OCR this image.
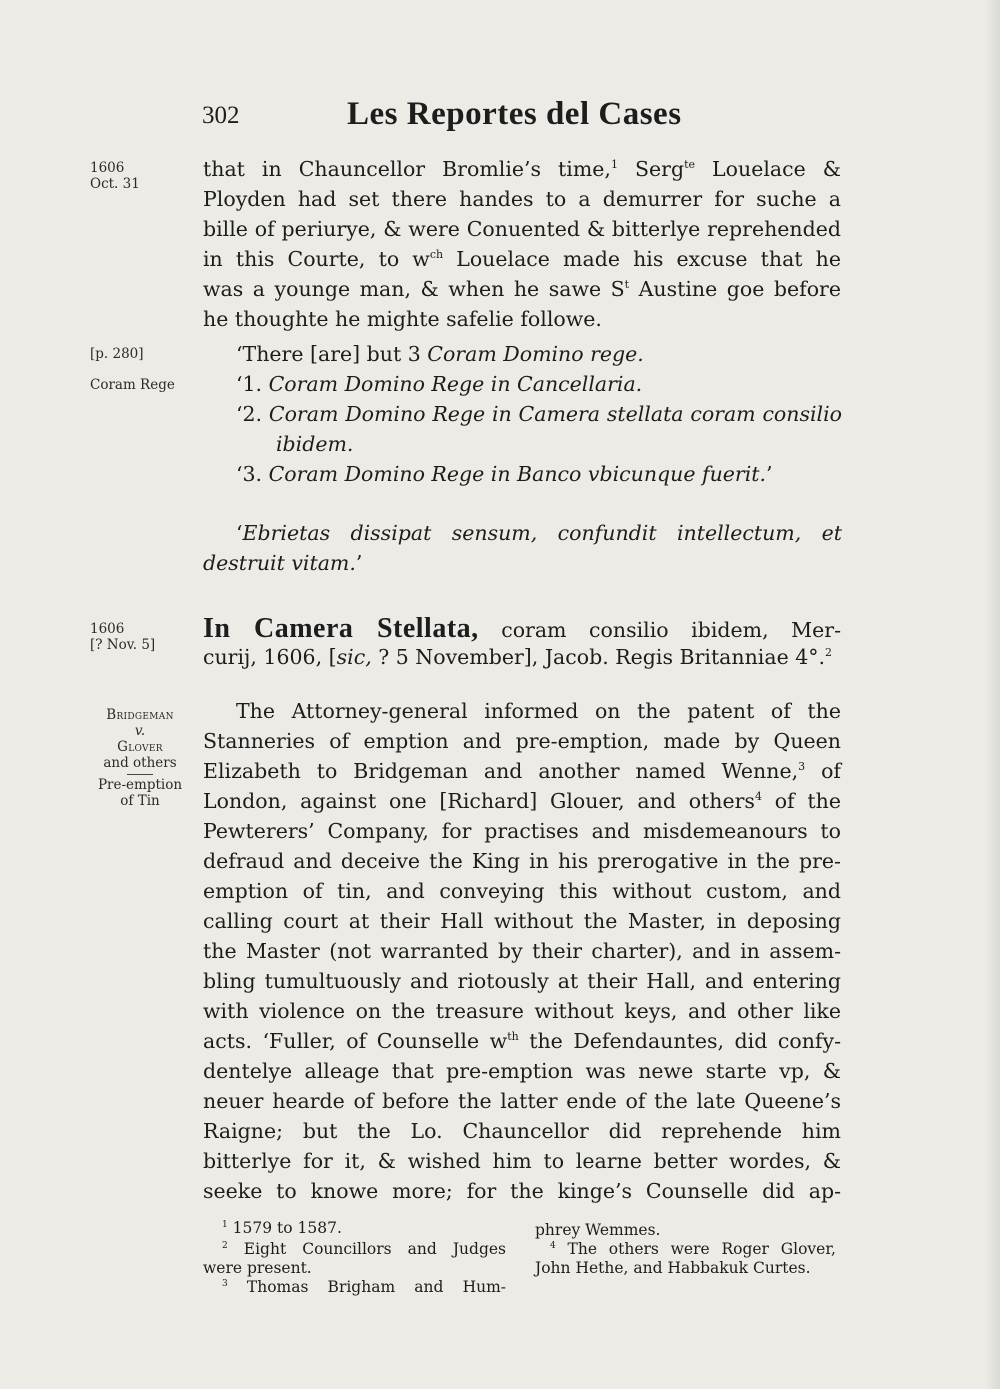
302	Les Reportes del Cases
1606
Oct. 31
[p. 280]
Coram Rege
1606
[? Nov. 5]
Bridgeman
v.
Glover
and others
Pre-emption
of Tin
that in Chauncellor Bromlie’s time,$^1$ Serg$^{te}$ Louelace &
Ployden had set there handes to a demurrer for suche a
bille of periurye, & were Conuented & bitterlye reprehended
in this Courte, to $w^{ch}$ Louelace made his excuse that he
was a younge man, & when he sawe $S^t$ Austine goe before
he thoughte he mighte safelie followe.
‘There [are] but 3 Coram Domino rege.
‘1. Coram Domino Rege in Cancellaria.
‘2. Coram Domino Rege in Camera stellata coram consilio
ibidem.
‘3. Coram Domino Rege in Banco vbicunque fuerit.’
‘Ebrietas dissipat sensum, confundit intellectum, et
destruit vitam.’
In Camera Stellata, coram consilio ibidem, Mer-
curij, 1606, [sic, ? 5 November], Jacob. Regis Britanniae 4°.$^2$
The Attorney-general informed on the patent of the
Stanneries of emption and pre-emption, made by Queen
Elizabeth to Bridgeman and another named Wenne,$^3$ of
London, against one [Richard] Glouer, and others$^4$ of the
Pewterers’ Company, for practises and misdemeanours to
defraud and deceive the King in his prerogative in the pre-
emption of tin, and conveying this without custom, and
calling court at their Hall without the Master, in deposing
the Master (not warranted by their charter), and in assem-
bling tumultuously and riotously at their Hall, and entering
with violence on the treasure without keys, and other like
acts. ‘Fuller, of Counselle $w^{th}$ the Defendauntes, did confy-
dentelye alleage that pre-emption was newe starte vp, &
neuer hearde of before the latter ende of the late Queene’s
Raigne; but the Lo. Chauncellor did reprehende him
bitterlye for it, & wished him to learne better wordes, &
seeke to knowe more; for the kinge’s Counselle did ap-
$^1$ 1579 to 1587.
$^2$ Eight Councillors and Judges
were present.
$^3$ Thomas Brigham and Hum-
phrey Wemmes.
$^4$ The others were Roger Glover,
John Hethe, and Habbakuk Curtes.
